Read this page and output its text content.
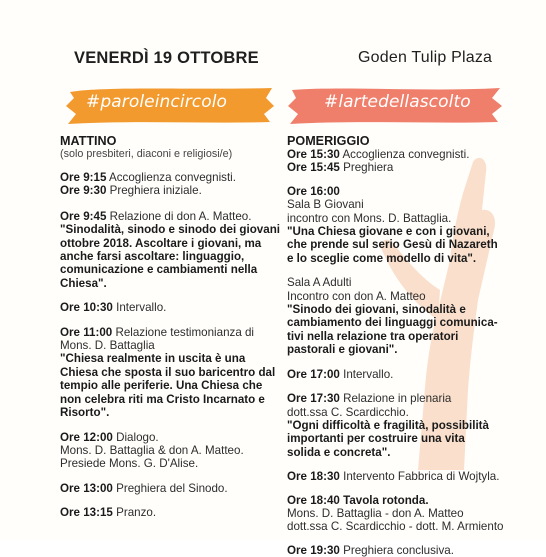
VENERDÌ 19 OTTOBRE	Goden Tulip Plaza
#paroleincircolo	#lartedellascolto
MATTINO
(solo presbiteri, diaconi e religiosi/e)
Ore 9:15 Accoglienza convegnisti.
Ore 9:30 Preghiera iniziale.
Ore 9:45 Relazione di don A. Matteo.
"Sinodalità, sinodo e sinodo dei giovani
ottobre 2018. Ascoltare i giovani, ma
anche farsi ascoltare: linguaggio,
comunicazione e cambiamenti nella
Chiesa".
Ore 10:30 Intervallo.
Ore 11:00 Relazione testimonianza di
Mons. D. Battaglia
"Chiesa realmente in uscita è una
Chiesa che sposta il suo baricentro dal
tempio alle periferie. Una Chiesa che
non celebra riti ma Cristo Incarnato e
Risorto".
Ore 12:00 Dialogo.
Mons. D. Battaglia & don A. Matteo.
Presiede Mons. G. D'Alise.
Ore 13:00 Preghiera del Sinodo.
Ore 13:15 Pranzo.
POMERIGGIO
Ore 15:30 Accoglienza convegnisti.
Ore 15:45 Preghiera
Ore 16:00
Sala B Giovani
incontro con Mons. D. Battaglia.
"Una Chiesa giovane e con i giovani,
che prende sul serio Gesù di Nazareth
e lo sceglie come modello di vita".
Sala A Adulti
Incontro con don A. Matteo
"Sinodo dei giovani, sinodalità e
cambiamento dei linguaggi comunica-
tivi nella relazione tra operatori
pastorali e giovani".
Ore 17:00 Intervallo.
Ore 17:30 Relazione in plenaria
dott.ssa C. Scardicchio.
"Ogni difficoltà e fragilità, possibilità
importanti per costruire una vita
solida e concreta".
Ore 18:30 Intervento Fabbrica di Wojtyla.
Ore 18:40 Tavola rotonda.
Mons. D. Battaglia - don A. Matteo
dott.ssa C. Scardicchio - dott. M. Armiento
Ore 19:30 Preghiera conclusiva.
